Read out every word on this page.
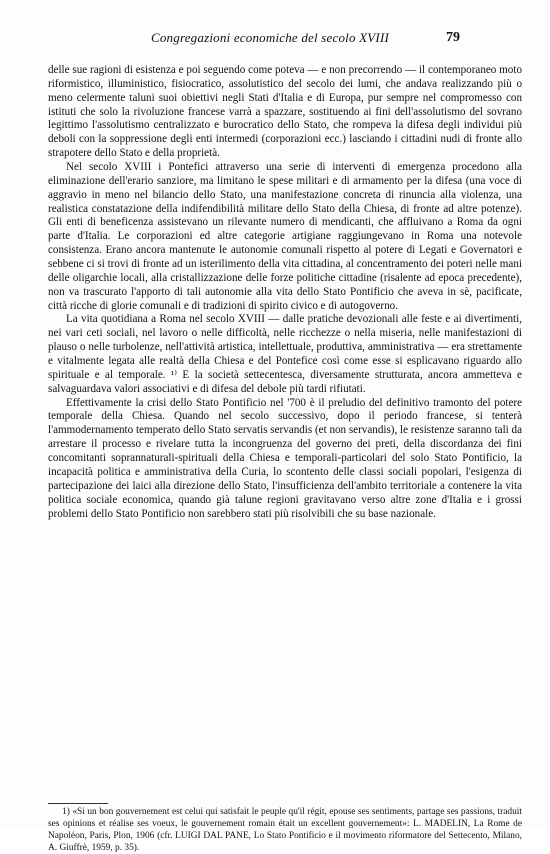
Congregazioni economiche del secolo XVIII	79

delle sue ragioni di esistenza e poi seguendo come poteva — e non precorrendo — il contemporaneo moto riformistico, illuministico, fisiocratico, assolutistico del secolo dei lumi, che andava realizzando più o meno celermente taluni suoi obiettivi negli Stati d'Italia e di Europa, pur sempre nel compromesso con istituti che solo la rivoluzione francese varrà a spazzare, sostituendo ai fini dell'assolutismo del sovrano legittimo l'assolutismo centralizzato e burocratico dello Stato, che rompeva la difesa degli individui più deboli con la soppressione degli enti intermedi (corporazioni ecc.) lasciando i cittadini nudi di fronte allo strapotere dello Stato e della proprietà.

Nel secolo XVIII i Pontefici attraverso una serie di interventi di emergenza procedono alla eliminazione dell'erario sanziore, ma limitano le spese militari e di armamento per la difesa (una voce di aggravio in meno nel bilancio dello Stato, una manifestazione concreta di rinuncia alla violenza, una realistica constatazione della indifendibilità militare dello Stato della Chiesa, di fronte ad altre potenze). Gli enti di beneficenza assistevano un rilevante numero di mendicanti, che affluivano a Roma da ogni parte d'Italia. Le corporazioni ed altre categorie artigiane raggiungevano in Roma una notevole consistenza. Erano ancora mantenute le autonomie comunali rispetto al potere di Legati e Governatori e sebbene ci si trovi di fronte ad un isterilimento della vita cittadina, al concentramento dei poteri nelle mani delle oligarchie locali, alla cristallizzazione delle forze politiche cittadine (risalente ad epoca precedente), non va trascurato l'apporto di tali autonomie alla vita dello Stato Pontificio che aveva in sè, pacificate, città ricche di glorie comunali e di tradizioni di spirito civico e di autogoverno.

La vita quotidiana a Roma nel secolo XVIII — dalle pratiche devozionali alle feste e ai divertimenti, nei vari ceti sociali, nel lavoro o nelle difficoltà, nelle ricchezze o nella miseria, nelle manifestazioni di plauso o nelle turbolenze, nell'attività artistica, intellettuale, produttiva, amministrativa — era strettamente e vitalmente legata alle realtà della Chiesa e del Pontefice così come esse si esplicavano riguardo allo spirituale e al temporale. ¹⁾ E la società settecentesca, diversamente strutturata, ancora ammetteva e salvaguardava valori associativi e di difesa del debole più tardi rifiutati.

Effettivamente la crisi dello Stato Pontificio nel '700 è il preludio del definitivo tramonto del potere temporale della Chiesa. Quando nel secolo successivo, dopo il periodo francese, si tenterà l'ammodernamento temperato dello Stato servatis servandis (et non servandis), le resistenze saranno tali da arrestare il processo e rivelare tutta la incongruenza del governo dei preti, della discordanza dei fini concomitanti soprannaturali-spirituali della Chiesa e temporali-particolari del solo Stato Pontificio, la incapacità politica e amministrativa della Curia, lo scontento delle classi sociali popolari, l'esigenza di partecipazione dei laici alla direzione dello Stato, l'insufficienza dell'ambito territoriale a contenere la vita politica sociale economica, quando già talune regioni gravitavano verso altre zone d'Italia e i grossi problemi dello Stato Pontificio non sarebbero stati più risolvibili che su base nazionale.

1) «Si un bon gouvernement est celui qui satisfait le peuple qu'il régit, epouse ses sentiments, partage ses passions, traduit ses opinions et réalise ses voeux, le gouvernement romain était un excellent gouvernement»: L. MADELIN, La Rome de Napoléon, Paris, Plon, 1906 (cfr. LUIGI DAL PANE, Lo Stato Pontificio e il movimento riformatore del Settecento, Milano, A. Giuffrè, 1959, p. 35).
